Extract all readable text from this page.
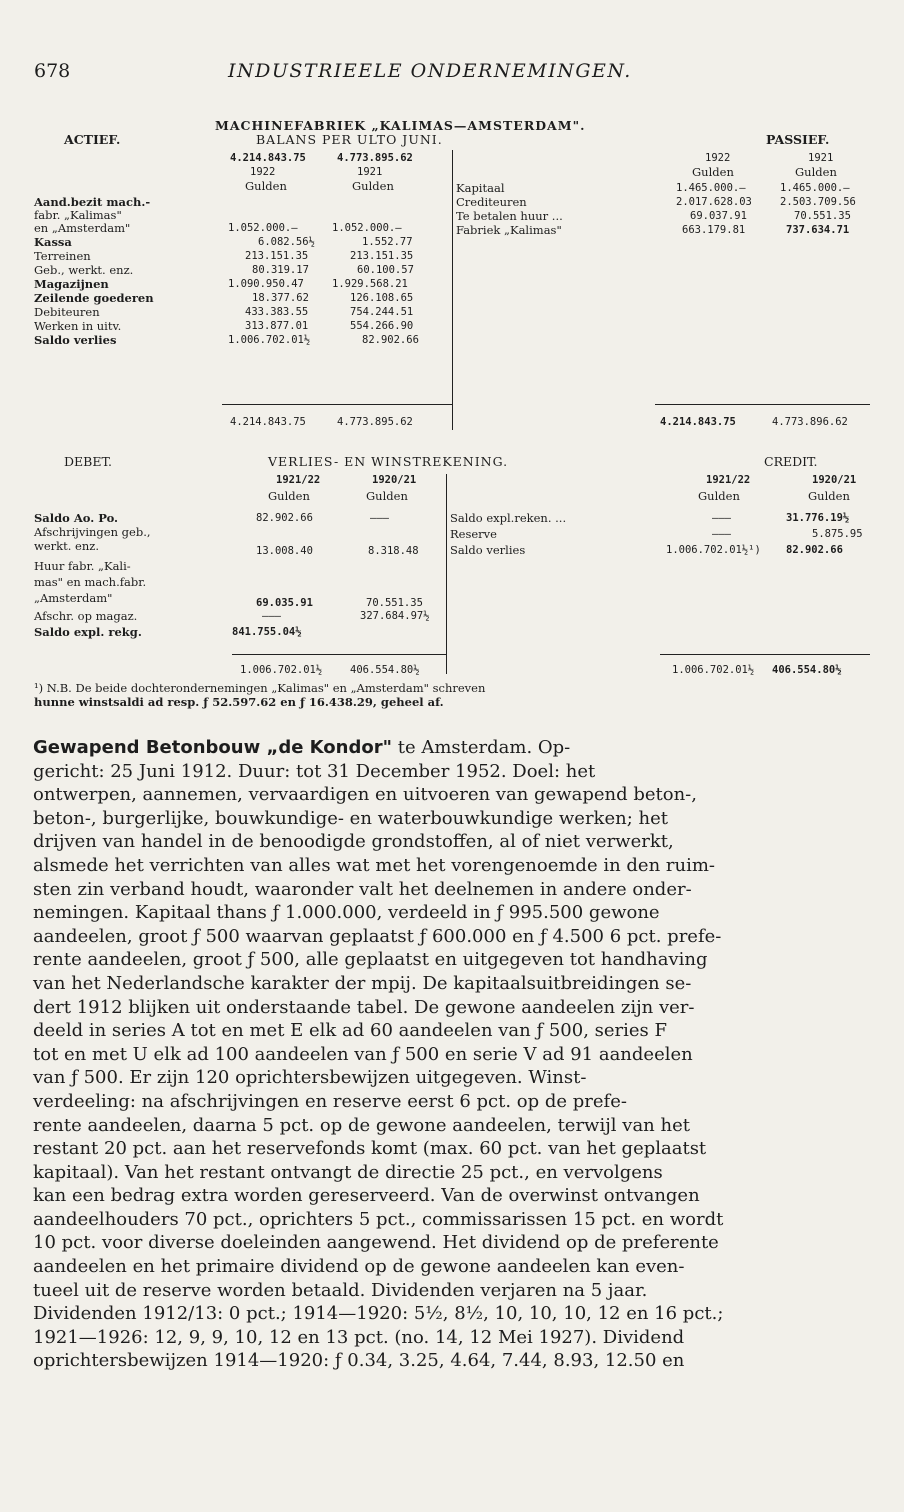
678	INDUSTRIEELE ONDERNEMINGEN.
MACHINEFABRIEK „KALIMAS—AMSTERDAM".
ACTIEF.	BALANS PER ULTO JUNI.	PASSIEF.
4.214.843.75	4.773.895.62
1922	1921
Gulden	Gulden
1922	1921
Gulden	Gulden
Aand.bezit mach.-
fabr. „Kalimas"
en „Amsterdam"	1.052.000.—	1.052.000.—
Kassa	6.082.56½	1.552.77
Terreinen	213.151.35	213.151.35
Geb., werkt. enz.	80.319.17	60.100.57
Magazijnen	1.090.950.47	1.929.568.21
Zeilende goederen	18.377.62	126.108.65
Debiteuren	433.383.55	754.244.51
Werken in uitv.	313.877.01	554.266.90
Saldo verlies	1.006.702.01½	82.902.66
Kapitaal	1.465.000.—	1.465.000.—
Crediteuren	2.017.628.03	2.503.709.56
Te betalen huur ...	69.037.91	70.551.35
Fabriek „Kalimas"	663.179.81	737.634.71
4.214.843.75	4.773.895.62	4.214.843.75	4.773.896.62
DEBET.	VERLIES- EN WINSTREKENING.	CREDIT.
1921/22	1920/21
Gulden	Gulden
1921/22	1920/21
Gulden	Gulden
Saldo Ao. Po.	82.902.66	———
Afschrijvingen geb.,
werkt. enz.	13.008.40	8.318.48
Huur fabr. „Kali-
mas" en mach.fabr.
„Amsterdam"	69.035.91	70.551.35
Afschr. op magaz.	———	327.684.97½
Saldo expl. rekg.	841.755.04½
Saldo expl.reken. ...	———	31.776.19½
Reserve	———	5.875.95
Saldo verlies	1.006.702.01½¹) 82.902.66
1.006.702.01½	406.554.80½	1.006.702.01½ 406.554.80½
¹) N.B. De beide dochterondernemingen „Kalimas" en „Amsterdam" schreven
hunne winstsaldi ad resp. ƒ 52.597.62 en ƒ 16.438.29, geheel af.

Gewapend Betonbouw „de Kondor" te Amsterdam. Op-

gericht: 25 Juni 1912. Duur: tot 31 December 1952. Doel: het

ontwerpen, aannemen, vervaardigen en uitvoeren van gewapend beton-,

beton-, burgerlijke, bouwkundige- en waterbouwkundige werken; het

drijven van handel in de benoodigde grondstoffen, al of niet verwerkt,

alsmede het verrichten van alles wat met het vorengenoemde in den ruim-

sten zin verband houdt, waaronder valt het deelnemen in andere onder-

nemingen. Kapitaal thans ƒ 1.000.000, verdeeld in ƒ 995.500 gewone

aandeelen, groot ƒ 500 waarvan geplaatst ƒ 600.000 en ƒ 4.500 6 pct. prefe-

rente aandeelen, groot ƒ 500, alle geplaatst en uitgegeven tot handhaving

van het Nederlandsche karakter der mpij. De kapitaalsuitbreidingen se-

dert 1912 blijken uit onderstaande tabel. De gewone aandeelen zijn ver-

deeld in series A tot en met E elk ad 60 aandeelen van ƒ 500, series F

tot en met U elk ad 100 aandeelen van ƒ 500 en serie V ad 91 aandeelen

van ƒ 500. Er zijn 120 oprichtersbewijzen uitgegeven. Winst-

verdeeling: na afschrijvingen en reserve eerst 6 pct. op de prefe-

rente aandeelen, daarna 5 pct. op de gewone aandeelen, terwijl van het

restant 20 pct. aan het reservefonds komt (max. 60 pct. van het geplaatst

kapitaal). Van het restant ontvangt de directie 25 pct., en vervolgens

kan een bedrag extra worden gereserveerd. Van de overwinst ontvangen

aandeelhouders 70 pct., oprichters 5 pct., commissarissen 15 pct. en wordt

10 pct. voor diverse doeleinden aangewend. Het dividend op de preferente

aandeelen en het primaire dividend op de gewone aandeelen kan even-

tueel uit de reserve worden betaald. Dividenden verjaren na 5 jaar.

Dividenden 1912/13: 0 pct.; 1914—1920: 5½, 8½, 10, 10, 10, 12 en 16 pct.;

1921—1926: 12, 9, 9, 10, 12 en 13 pct. (no. 14, 12 Mei 1927). Dividend

oprichtersbewijzen 1914—1920: ƒ 0.34, 3.25, 4.64, 7.44, 8.93, 12.50 en
